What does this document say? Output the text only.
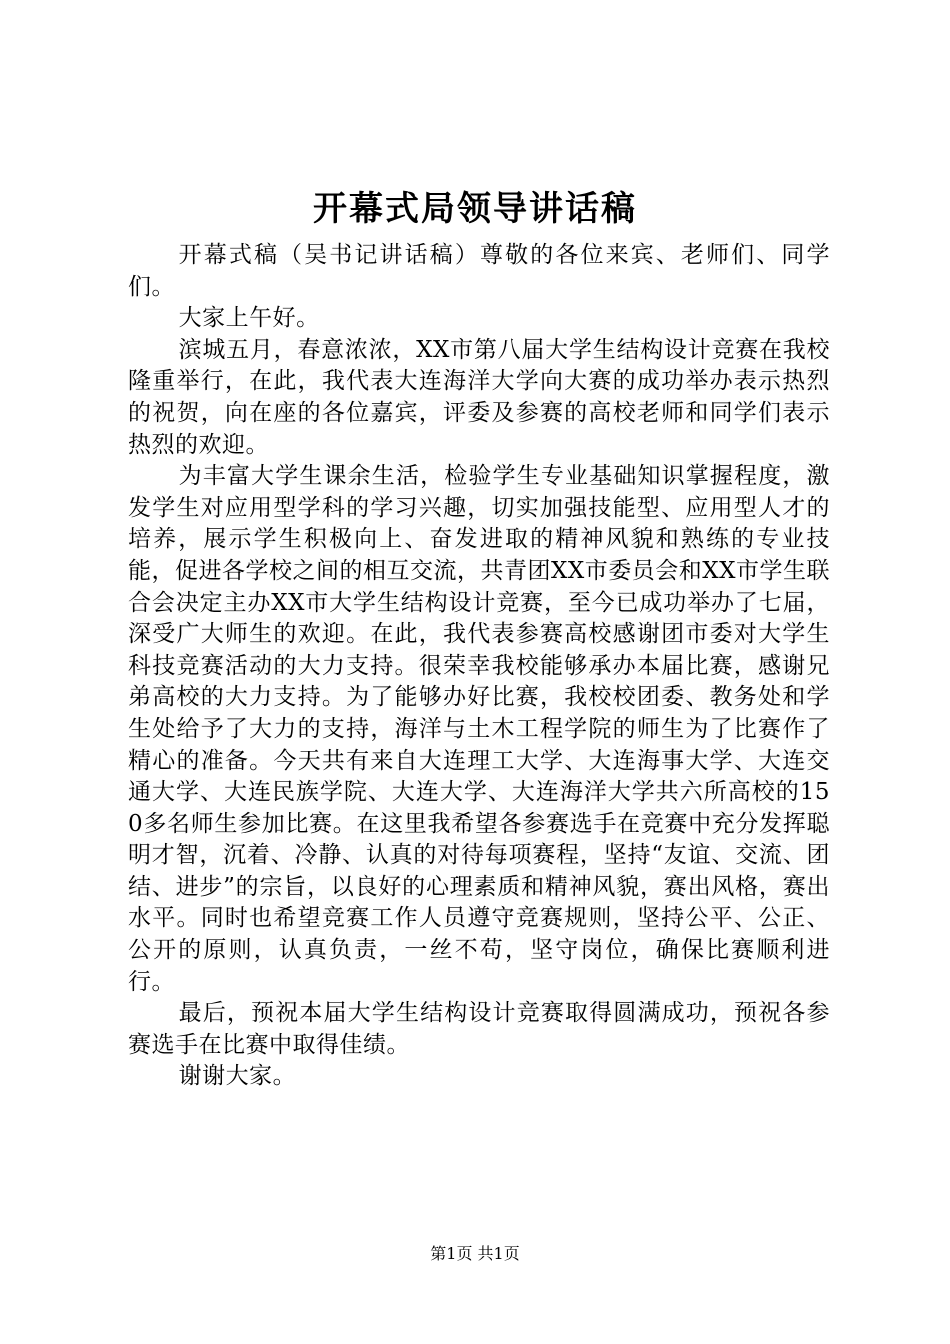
开幕式局领导讲话稿

开幕式稿（吴书记讲话稿）尊敬的各位来宾、老师们、同学们。

大家上午好。

滨城五月，春意浓浓，XX市第八届大学生结构设计竞赛在我校隆重举行，在此，我代表大连海洋大学向大赛的成功举办表示热烈的祝贺，向在座的各位嘉宾，评委及参赛的高校老师和同学们表示热烈的欢迎。

为丰富大学生课余生活，检验学生专业基础知识掌握程度，激发学生对应用型学科的学习兴趣，切实加强技能型、应用型人才的培养，展示学生积极向上、奋发进取的精神风貌和熟练的专业技能，促进各学校之间的相互交流，共青团XX市委员会和XX市学生联合会决定主办XX市大学生结构设计竞赛，至今已成功举办了七届，深受广大师生的欢迎。在此，我代表参赛高校感谢团市委对大学生科技竞赛活动的大力支持。很荣幸我校能够承办本届比赛，感谢兄弟高校的大力支持。为了能够办好比赛，我校校团委、教务处和学生处给予了大力的支持，海洋与土木工程学院的师生为了比赛作了精心的准备。今天共有来自大连理工大学、大连海事大学、大连交通大学、大连民族学院、大连大学、大连海洋大学共六所高校的150多名师生参加比赛。在这里我希望各参赛选手在竞赛中充分发挥聪明才智，沉着、冷静、认真的对待每项赛程，坚持“友谊、交流、团结、进步”的宗旨，以良好的心理素质和精神风貌，赛出风格，赛出水平。同时也希望竞赛工作人员遵守竞赛规则，坚持公平、公正、公开的原则，认真负责，一丝不苟，坚守岗位，确保比赛顺利进行。

最后，预祝本届大学生结构设计竞赛取得圆满成功，预祝各参赛选手在比赛中取得佳绩。

谢谢大家。

第1页 共1页
